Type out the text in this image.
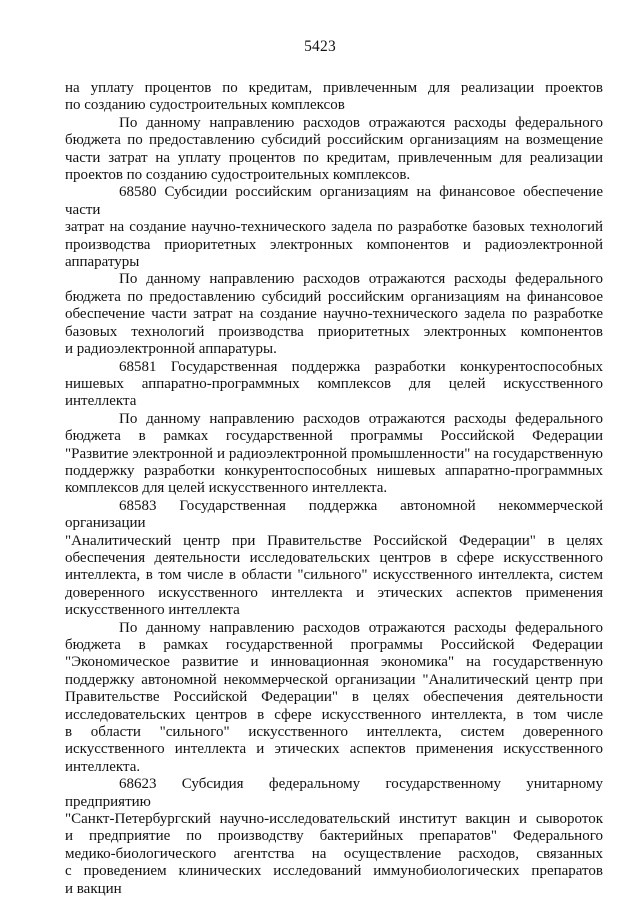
5423
на уплату процентов по кредитам, привлеченным для реализации проектов
по созданию судостроительных комплексов
По данному направлению расходов отражаются расходы федерального
бюджета по предоставлению субсидий российским организациям на возмещение
части затрат на уплату процентов по кредитам, привлеченным для реализации
проектов по созданию судостроительных комплексов.
68580 Субсидии российским организациям на финансовое обеспечение части
затрат на создание научно-технического задела по разработке базовых технологий
производства приоритетных электронных компонентов и радиоэлектронной
аппаратуры
По данному направлению расходов отражаются расходы федерального
бюджета по предоставлению субсидий российским организациям на финансовое
обеспечение части затрат на создание научно-технического задела по разработке
базовых технологий производства приоритетных электронных компонентов
и радиоэлектронной аппаратуры.
68581 Государственная поддержка разработки конкурентоспособных
нишевых аппаратно-программных комплексов для целей искусственного
интеллекта
По данному направлению расходов отражаются расходы федерального
бюджета в рамках государственной программы Российской Федерации
"Развитие электронной и радиоэлектронной промышленности" на государственную
поддержку разработки конкурентоспособных нишевых аппаратно-программных
комплексов для целей искусственного интеллекта.
68583 Государственная поддержка автономной некоммерческой организации
"Аналитический центр при Правительстве Российской Федерации" в целях
обеспечения деятельности исследовательских центров в сфере искусственного
интеллекта, в том числе в области "сильного" искусственного интеллекта, систем
доверенного искусственного интеллекта и этических аспектов применения
искусственного интеллекта
По данному направлению расходов отражаются расходы федерального
бюджета в рамках государственной программы Российской Федерации
"Экономическое развитие и инновационная экономика" на государственную
поддержку автономной некоммерческой организации "Аналитический центр при
Правительстве Российской Федерации" в целях обеспечения деятельности
исследовательских центров в сфере искусственного интеллекта, в том числе
в области "сильного" искусственного интеллекта, систем доверенного
искусственного интеллекта и этических аспектов применения искусственного
интеллекта.
68623 Субсидия федеральному государственному унитарному предприятию
"Санкт-Петербургский научно-исследовательский институт вакцин и сывороток
и предприятие по производству бактерийных препаратов" Федерального
медико-биологического агентства на осуществление расходов, связанных
с проведением клинических исследований иммунобиологических препаратов
и вакцин
